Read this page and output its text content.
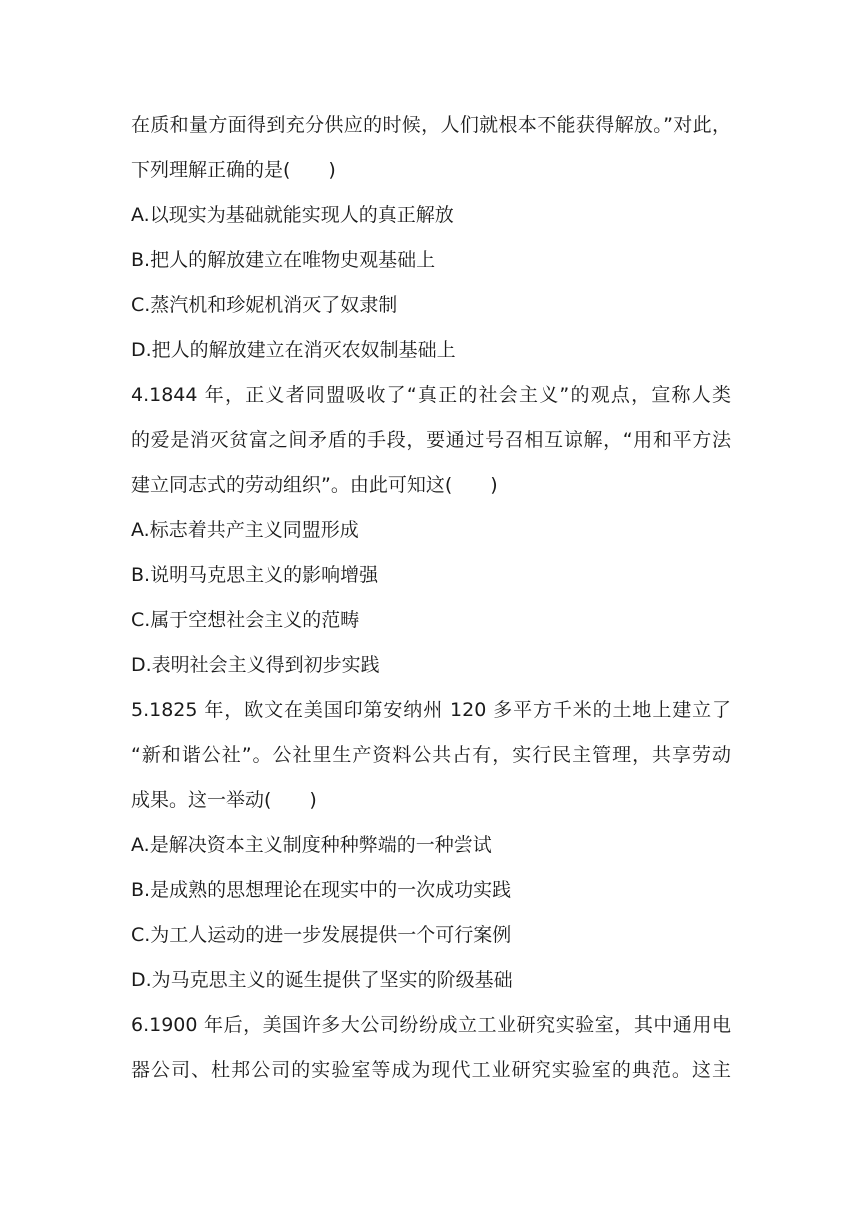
在质和量方面得到充分供应的时候，人们就根本不能获得解放。”对此，
下列理解正确的是(　　)
A.以现实为基础就能实现人的真正解放
B.把人的解放建立在唯物史观基础上
C.蒸汽机和珍妮机消灭了奴隶制
D.把人的解放建立在消灭农奴制基础上
4.1844 年，正义者同盟吸收了“真正的社会主义”的观点，宣称人类
的爱是消灭贫富之间矛盾的手段，要通过号召相互谅解，“用和平方法
建立同志式的劳动组织”。由此可知这(　　)
A.标志着共产主义同盟形成
B.说明马克思主义的影响增强
C.属于空想社会主义的范畴
D.表明社会主义得到初步实践
5.1825 年，欧文在美国印第安纳州 120 多平方千米的土地上建立了
“新和谐公社”。公社里生产资料公共占有，实行民主管理，共享劳动
成果。这一举动(　　)
A.是解决资本主义制度种种弊端的一种尝试
B.是成熟的思想理论在现实中的一次成功实践
C.为工人运动的进一步发展提供一个可行案例
D.为马克思主义的诞生提供了坚实的阶级基础
6.1900 年后，美国许多大公司纷纷成立工业研究实验室，其中通用电
器公司、杜邦公司的实验室等成为现代工业研究实验室的典范。这主
